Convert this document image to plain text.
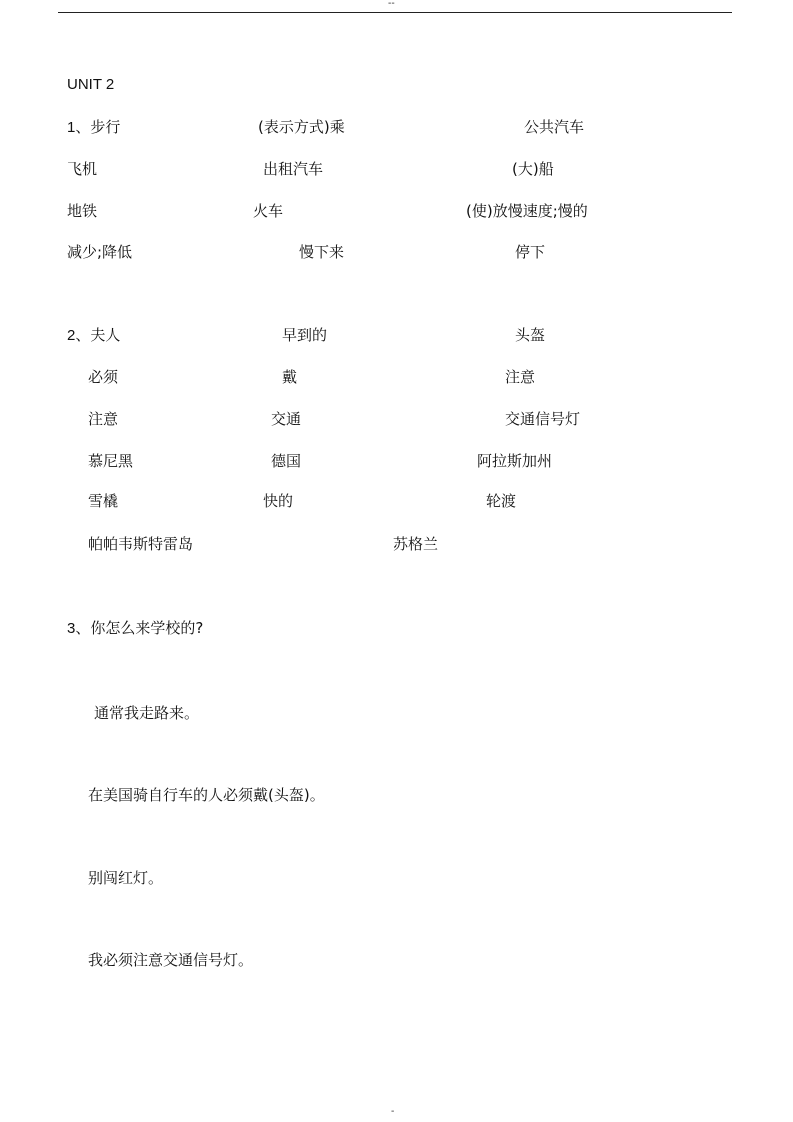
--
UNIT 2
1、步行	(表示方式)乘	公共汽车
飞机	出租汽车	(大)船
地铁	火车	(使)放慢速度;慢的
减少;降低	慢下来	停下
2、夫人	早到的	头盔
必须	戴	注意
注意	交通	交通信号灯
慕尼黑	德国	阿拉斯加州
雪橇	快的	轮渡
帕帕韦斯特雷岛	苏格兰
3、你怎么来学校的?
通常我走路来。
在美国骑自行车的人必须戴(头盔)。
别闯红灯。
我必须注意交通信号灯。
-
